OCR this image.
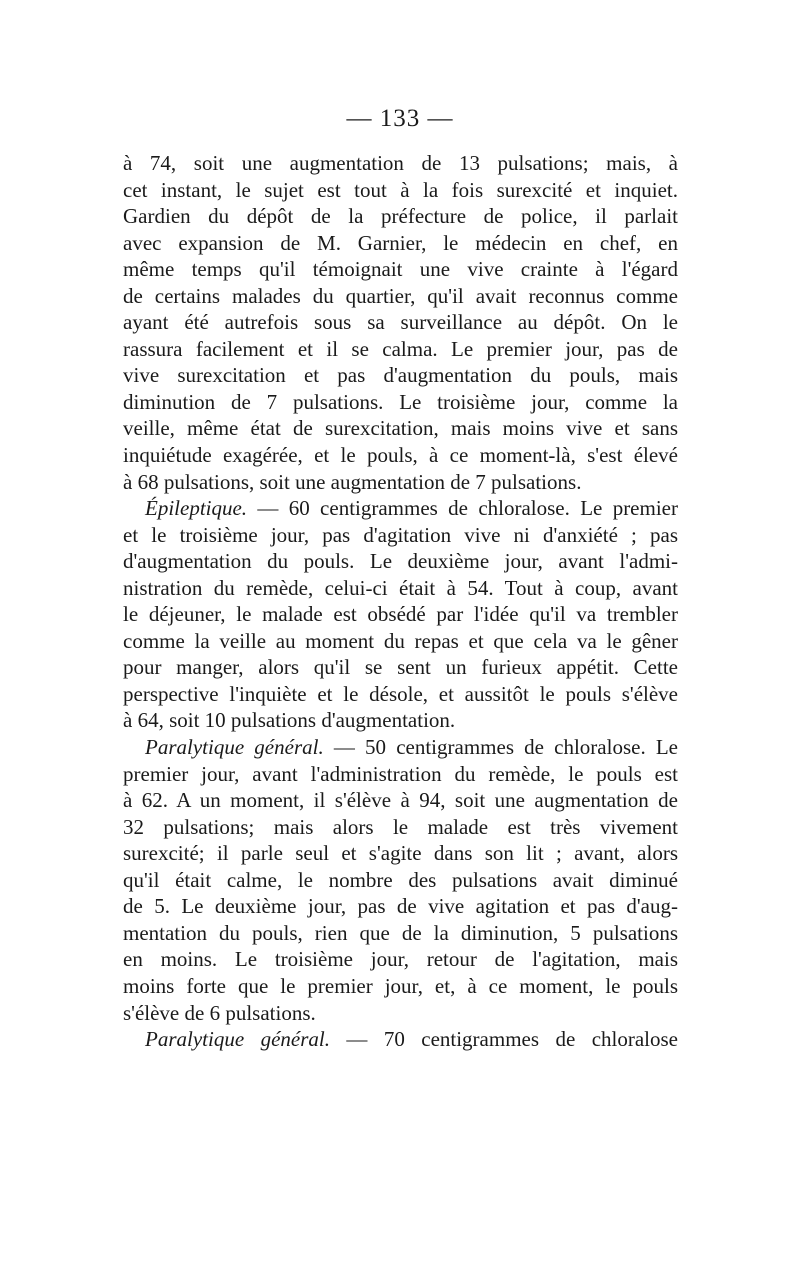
— 133 —
à 74, soit une augmentation de 13 pulsations; mais, à
cet instant, le sujet est tout à la fois surexcité et inquiet.
Gardien du dépôt de la préfecture de police, il parlait
avec expansion de M. Garnier, le médecin en chef, en
même temps qu'il témoignait une vive crainte à l'égard
de certains malades du quartier, qu'il avait reconnus comme
ayant été autrefois sous sa surveillance au dépôt. On le
rassura facilement et il se calma. Le premier jour, pas de
vive surexcitation et pas d'augmentation du pouls, mais
diminution de 7 pulsations. Le troisième jour, comme la
veille, même état de surexcitation, mais moins vive et sans
inquiétude exagérée, et le pouls, à ce moment-là, s'est élevé
à 68 pulsations, soit une augmentation de 7 pulsations.
Épileptique. — 60 centigrammes de chloralose. Le premier
et le troisième jour, pas d'agitation vive ni d'anxiété ; pas
d'augmentation du pouls. Le deuxième jour, avant l'admi-
nistration du remède, celui-ci était à 54. Tout à coup, avant
le déjeuner, le malade est obsédé par l'idée qu'il va trembler
comme la veille au moment du repas et que cela va le gêner
pour manger, alors qu'il se sent un furieux appétit. Cette
perspective l'inquiète et le désole, et aussitôt le pouls s'élève
à 64, soit 10 pulsations d'augmentation.
Paralytique général. — 50 centigrammes de chloralose. Le
premier jour, avant l'administration du remède, le pouls est
à 62. A un moment, il s'élève à 94, soit une augmentation de
32 pulsations; mais alors le malade est très vivement
surexcité; il parle seul et s'agite dans son lit ; avant, alors
qu'il était calme, le nombre des pulsations avait diminué
de 5. Le deuxième jour, pas de vive agitation et pas d'aug-
mentation du pouls, rien que de la diminution, 5 pulsations
en moins. Le troisième jour, retour de l'agitation, mais
moins forte que le premier jour, et, à ce moment, le pouls
s'élève de 6 pulsations.
Paralytique général. — 70 centigrammes de chloralose
